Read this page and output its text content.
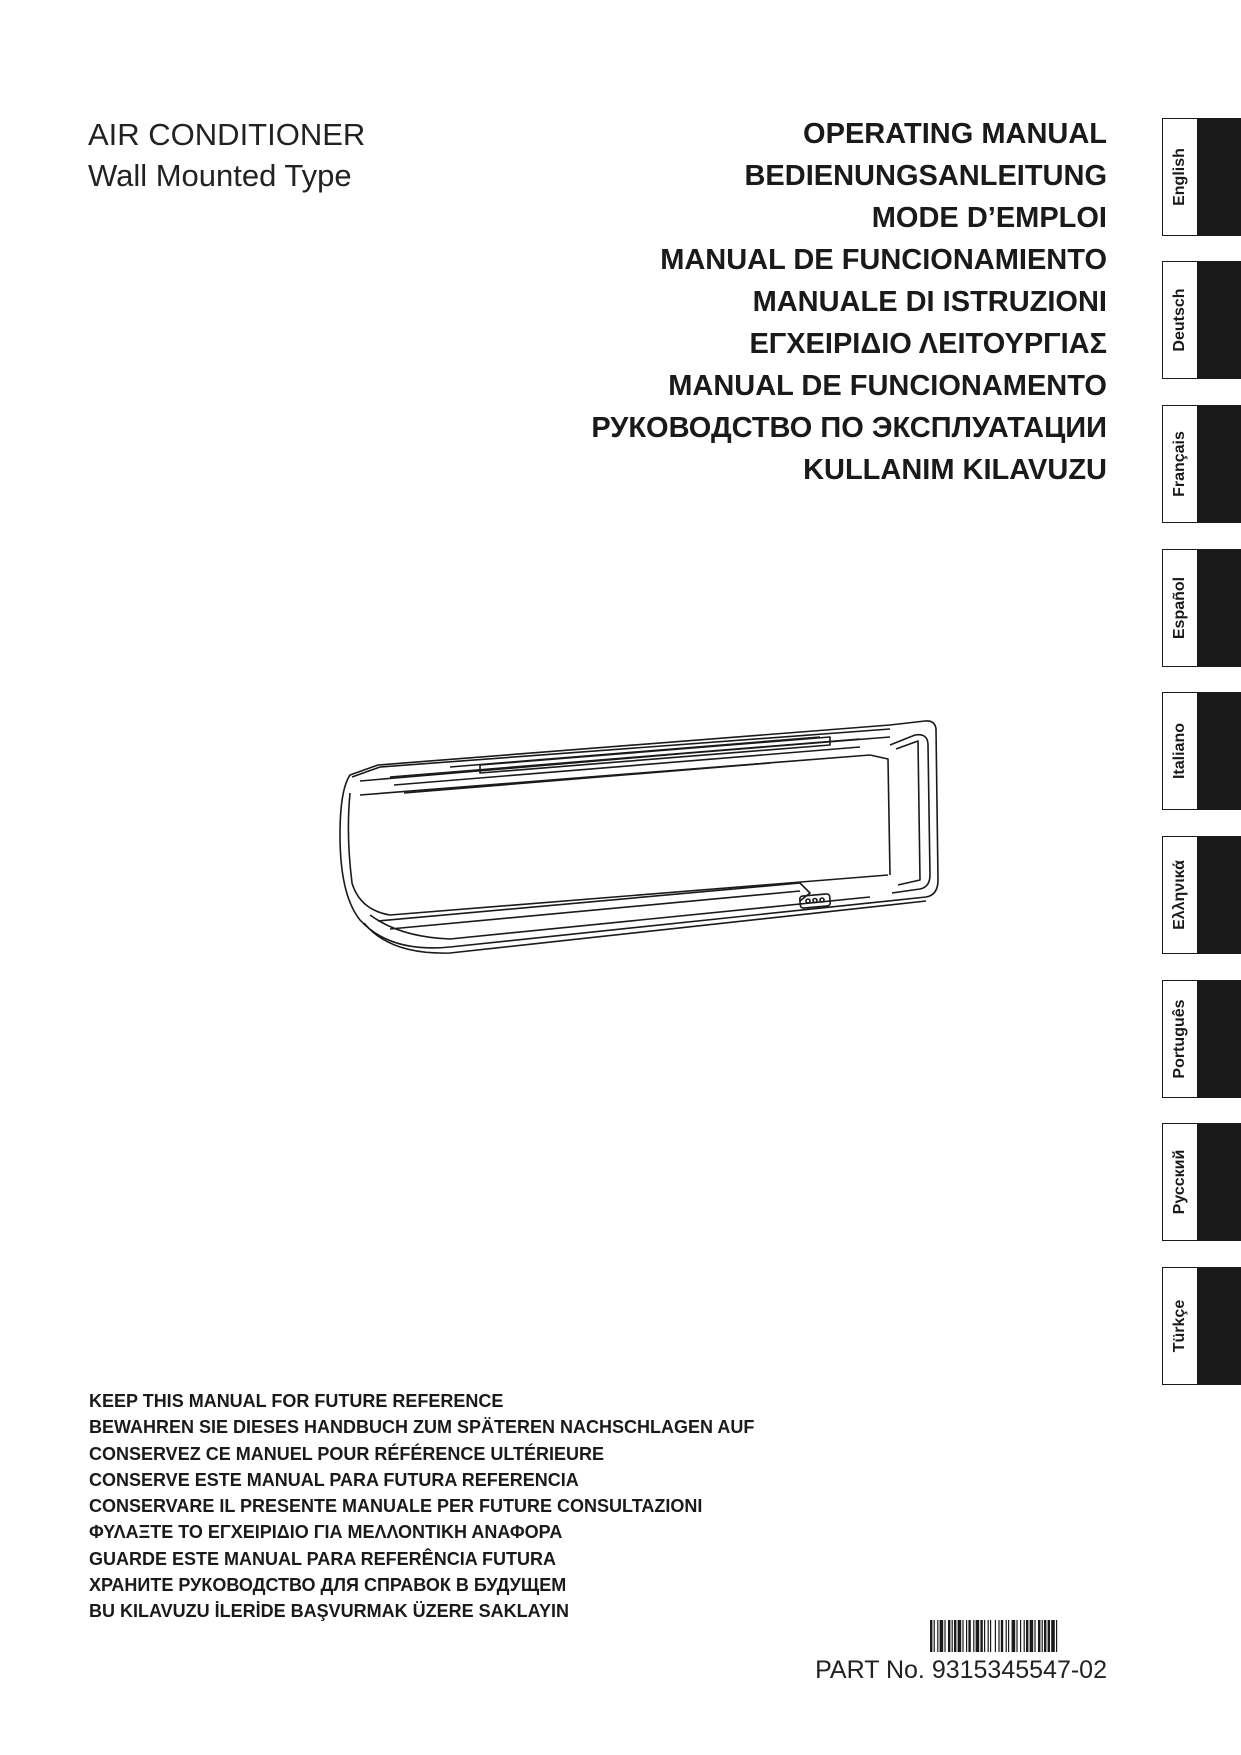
AIR CONDITIONER
Wall Mounted Type
OPERATING MANUAL
BEDIENUNGSANLEITUNG
MODE D’EMPLOI
MANUAL DE FUNCIONAMIENTO
MANUALE DI ISTRUZIONI
ΕΓΧΕΙΡΙΔΙΟ ΛΕΙΤΟΥΡΓΙΑΣ
MANUAL DE FUNCIONAMENTO
РУКОВОДСТВО ПО ЭКСПЛУАТАЦИИ
KULLANIM KILAVUZU
English
Deutsch
Français
Español
Italiano
Ελληνικά
Português
Русский
Türkçe
KEEP THIS MANUAL FOR FUTURE REFERENCE
BEWAHREN SIE DIESES HANDBUCH ZUM SPÄTEREN NACHSCHLAGEN AUF
CONSERVEZ CE MANUEL POUR RÉFÉRENCE ULTÉRIEURE
CONSERVE ESTE MANUAL PARA FUTURA REFERENCIA
CONSERVARE IL PRESENTE MANUALE PER FUTURE CONSULTAZIONI
ΦΥΛΑΞΤΕ ΤΟ ΕΓΧΕΙΡΙΔΙΟ ΓΙΑ ΜΕΛΛΟΝΤΙΚΗ ΑΝΑΦΟΡΑ
GUARDE ESTE MANUAL PARA REFERÊNCIA FUTURA
ХРАНИТЕ РУКОВОДСТВО ДЛЯ СПРАВОК В БУДУЩЕМ
BU KILAVUZU İLERİDE BAŞVURMAK ÜZERE SAKLAYIN
PART No. 9315345547-02
